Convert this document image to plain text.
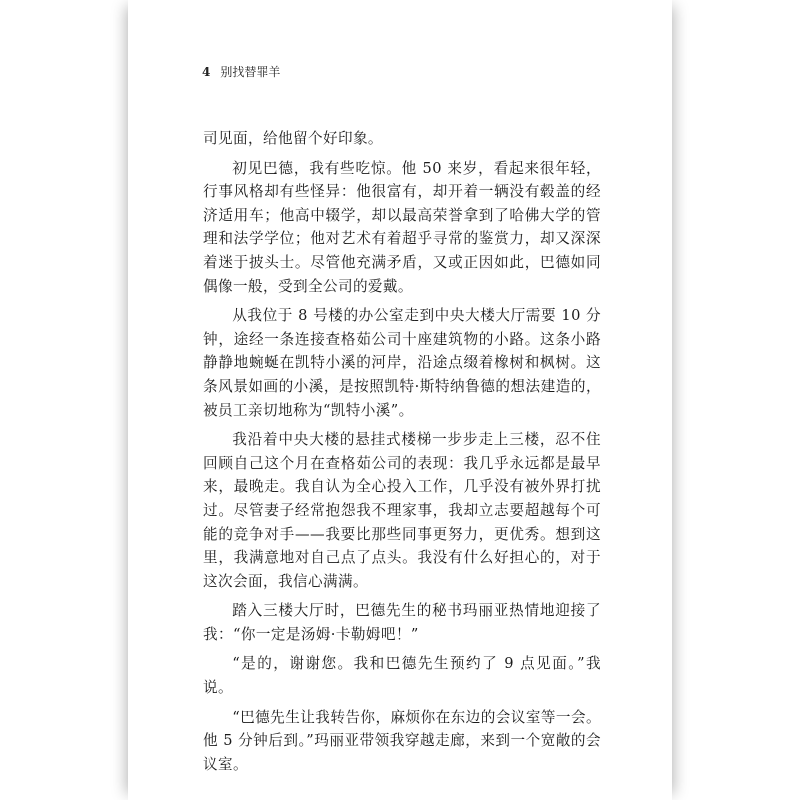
4 别找替罪羊

司见面，给他留个好印象。

初见巴德，我有些吃惊。他 50 来岁，看起来很年轻，行事风格却有些怪异：他很富有，却开着一辆没有毂盖的经济适用车；他高中辍学，却以最高荣誉拿到了哈佛大学的管理和法学学位；他对艺术有着超乎寻常的鉴赏力，却又深深着迷于披头士。尽管他充满矛盾，又或正因如此，巴德如同偶像一般，受到全公司的爱戴。

从我位于 8 号楼的办公室走到中央大楼大厅需要 10 分钟，途经一条连接查格茹公司十座建筑物的小路。这条小路静静地蜿蜒在凯特小溪的河岸，沿途点缀着橡树和枫树。这条风景如画的小溪，是按照凯特·斯特纳鲁德的想法建造的，被员工亲切地称为“凯特小溪”。

我沿着中央大楼的悬挂式楼梯一步步走上三楼，忍不住回顾自己这个月在查格茹公司的表现：我几乎永远都是最早来，最晚走。我自认为全心投入工作，几乎没有被外界打扰过。尽管妻子经常抱怨我不理家事，我却立志要超越每个可能的竞争对手——我要比那些同事更努力，更优秀。想到这里，我满意地对自己点了点头。我没有什么好担心的，对于这次会面，我信心满满。

踏入三楼大厅时，巴德先生的秘书玛丽亚热情地迎接了我：“你一定是汤姆·卡勒姆吧！”

“是的，谢谢您。我和巴德先生预约了 9 点见面。”我说。

“巴德先生让我转告你，麻烦你在东边的会议室等一会。他 5 分钟后到。”玛丽亚带领我穿越走廊，来到一个宽敞的会议室。
